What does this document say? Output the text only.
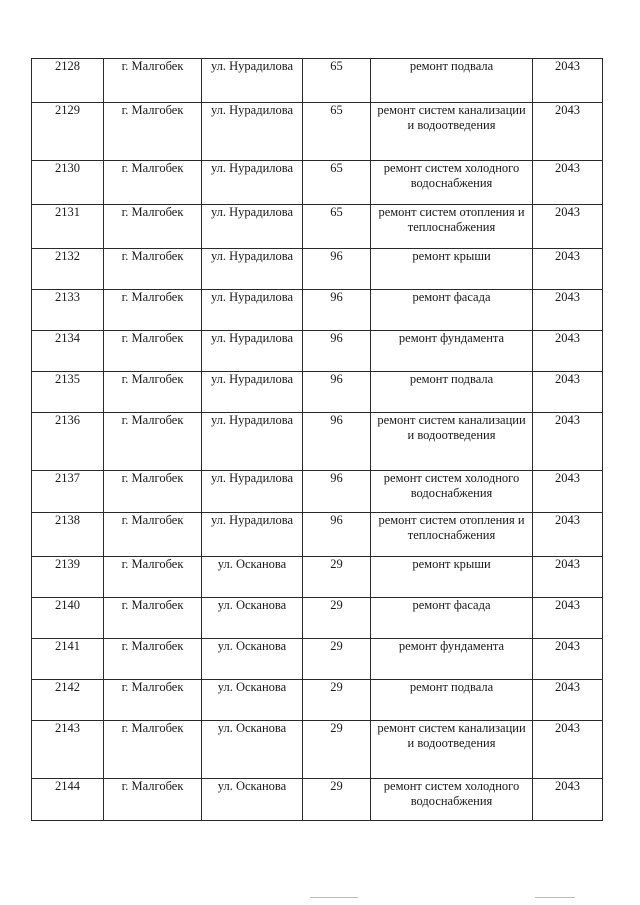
2128	г. Малгобек	ул. Нурадилова	65	ремонт подвала	2043
2129	г. Малгобек	ул. Нурадилова	65	ремонт систем канализации и водоотведения	2043
2130	г. Малгобек	ул. Нурадилова	65	ремонт систем холодного водоснабжения	2043
2131	г. Малгобек	ул. Нурадилова	65	ремонт систем отопления и теплоснабжения	2043
2132	г. Малгобек	ул. Нурадилова	96	ремонт крыши	2043
2133	г. Малгобек	ул. Нурадилова	96	ремонт фасада	2043
2134	г. Малгобек	ул. Нурадилова	96	ремонт фундамента	2043
2135	г. Малгобек	ул. Нурадилова	96	ремонт подвала	2043
2136	г. Малгобек	ул. Нурадилова	96	ремонт систем канализации и водоотведения	2043
2137	г. Малгобек	ул. Нурадилова	96	ремонт систем холодного водоснабжения	2043
2138	г. Малгобек	ул. Нурадилова	96	ремонт систем отопления и теплоснабжения	2043
2139	г. Малгобек	ул. Осканова	29	ремонт крыши	2043
2140	г. Малгобек	ул. Осканова	29	ремонт фасада	2043
2141	г. Малгобек	ул. Осканова	29	ремонт фундамента	2043
2142	г. Малгобек	ул. Осканова	29	ремонт подвала	2043
2143	г. Малгобек	ул. Осканова	29	ремонт систем канализации и водоотведения	2043
2144	г. Малгобек	ул. Осканова	29	ремонт систем холодного водоснабжения	2043
